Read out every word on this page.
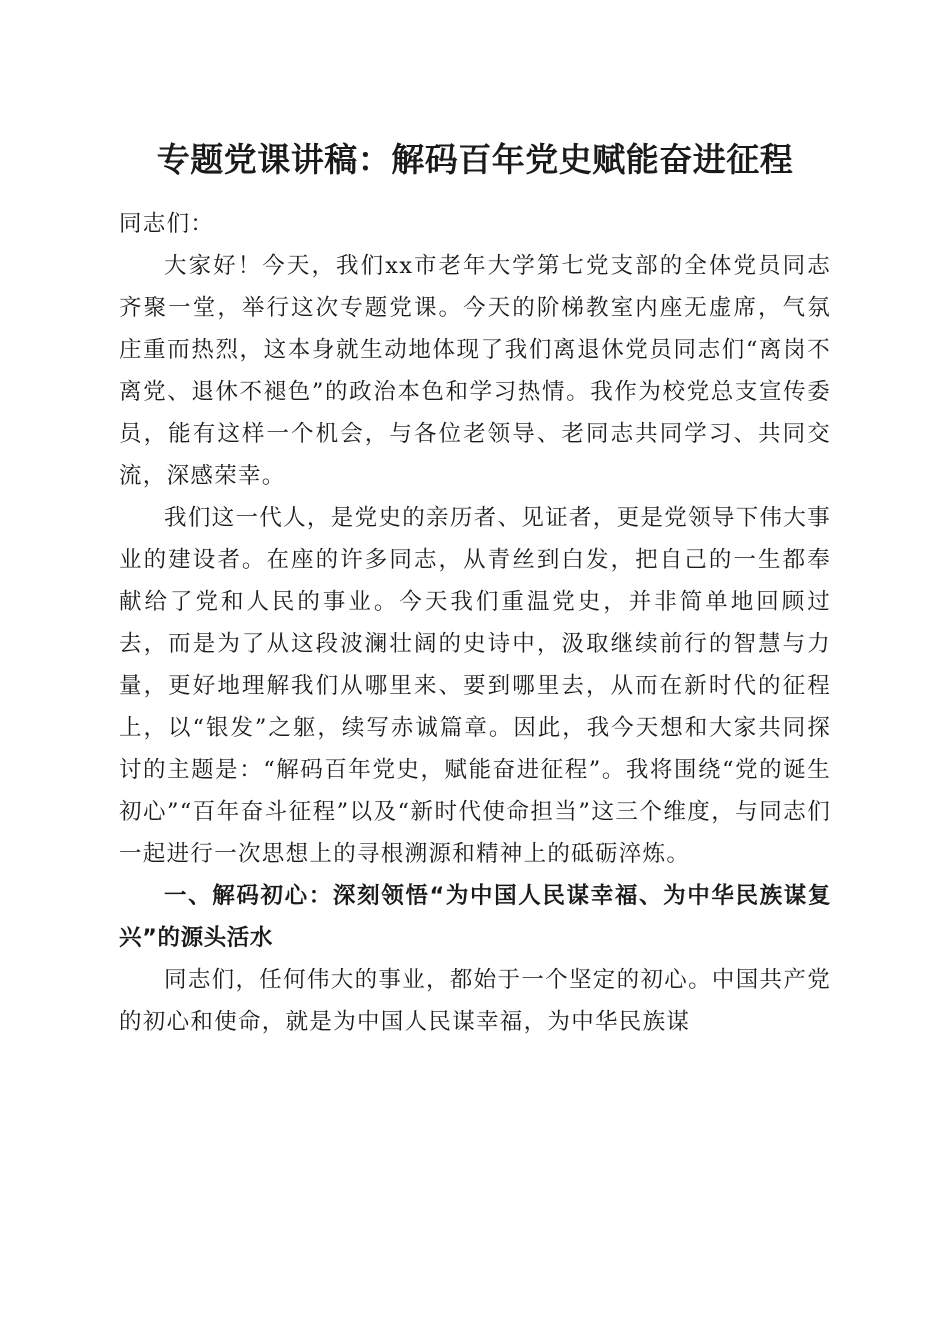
专题党课讲稿：解码百年党史赋能奋进征程

同志们：

大家好！今天，我们xx市老年大学第七党支部的全体党员同志齐聚一堂，举行这次专题党课。今天的阶梯教室内座无虚席，气氛庄重而热烈，这本身就生动地体现了我们离退休党员同志们“离岗不离党、退休不褪色”的政治本色和学习热情。我作为校党总支宣传委员，能有这样一个机会，与各位老领导、老同志共同学习、共同交流，深感荣幸。

我们这一代人，是党史的亲历者、见证者，更是党领导下伟大事业的建设者。在座的许多同志，从青丝到白发，把自己的一生都奉献给了党和人民的事业。今天我们重温党史，并非简单地回顾过去，而是为了从这段波澜壮阔的史诗中，汲取继续前行的智慧与力量，更好地理解我们从哪里来、要到哪里去，从而在新时代的征程上，以“银发”之躯，续写赤诚篇章。因此，我今天想和大家共同探讨的主题是：“解码百年党史，赋能奋进征程”。我将围绕“党的诞生初心”“百年奋斗征程”以及“新时代使命担当”这三个维度，与同志们一起进行一次思想上的寻根溯源和精神上的砥砺淬炼。

一、解码初心：深刻领悟“为中国人民谋幸福、为中华民族谋复兴”的源头活水

同志们，任何伟大的事业，都始于一个坚定的初心。中国共产党的初心和使命，就是为中国人民谋幸福，为中华民族谋
